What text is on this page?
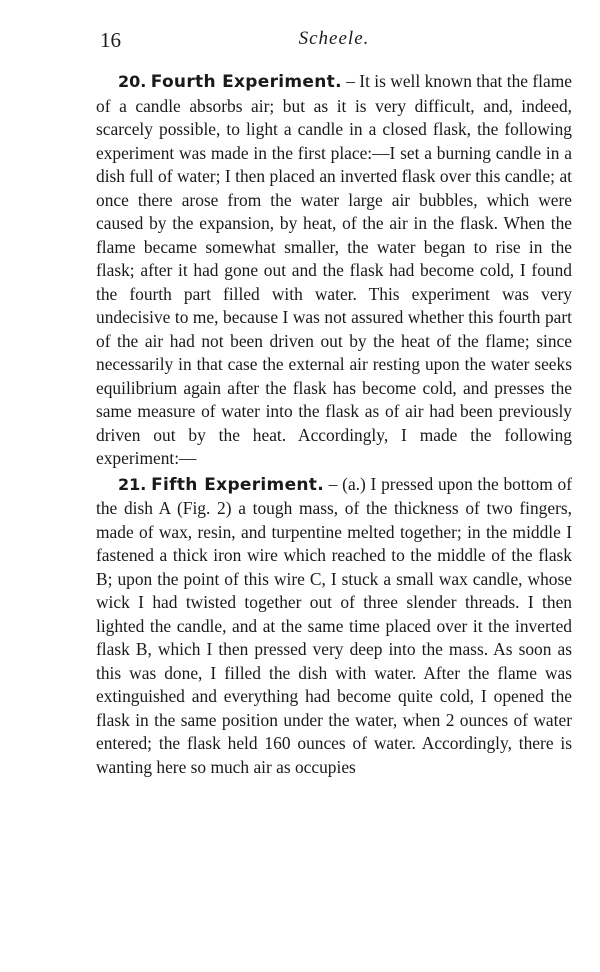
16	Scheele.

20. Fourth Experiment. – It is well known that the flame of a candle absorbs air; but as it is very difficult, and, indeed, scarcely possible, to light a candle in a closed flask, the following experiment was made in the first place:—I set a burning candle in a dish full of water; I then placed an inverted flask over this candle; at once there arose from the water large air bubbles, which were caused by the expansion, by heat, of the air in the flask. When the flame became somewhat smaller, the water began to rise in the flask; after it had gone out and the flask had become cold, I found the fourth part filled with water. This experiment was very undecisive to me, because I was not assured whether this fourth part of the air had not been driven out by the heat of the flame; since necessarily in that case the external air resting upon the water seeks equilibrium again after the flask has become cold, and presses the same measure of water into the flask as of air had been previously driven out by the heat. Accordingly, I made the following experiment:—

21. Fifth Experiment. – (a.) I pressed upon the bottom of the dish A (Fig. 2) a tough mass, of the thickness of two fingers, made of wax, resin, and turpentine melted together; in the middle I fastened a thick iron wire which reached to the middle of the flask B; upon the point of this wire C, I stuck a small wax candle, whose wick I had twisted together out of three slender threads. I then lighted the candle, and at the same time placed over it the inverted flask B, which I then pressed very deep into the mass. As soon as this was done, I filled the dish with water. After the flame was extinguished and everything had become quite cold, I opened the flask in the same position under the water, when 2 ounces of water entered; the flask held 160 ounces of water. Accordingly, there is wanting here so much air as occupies
